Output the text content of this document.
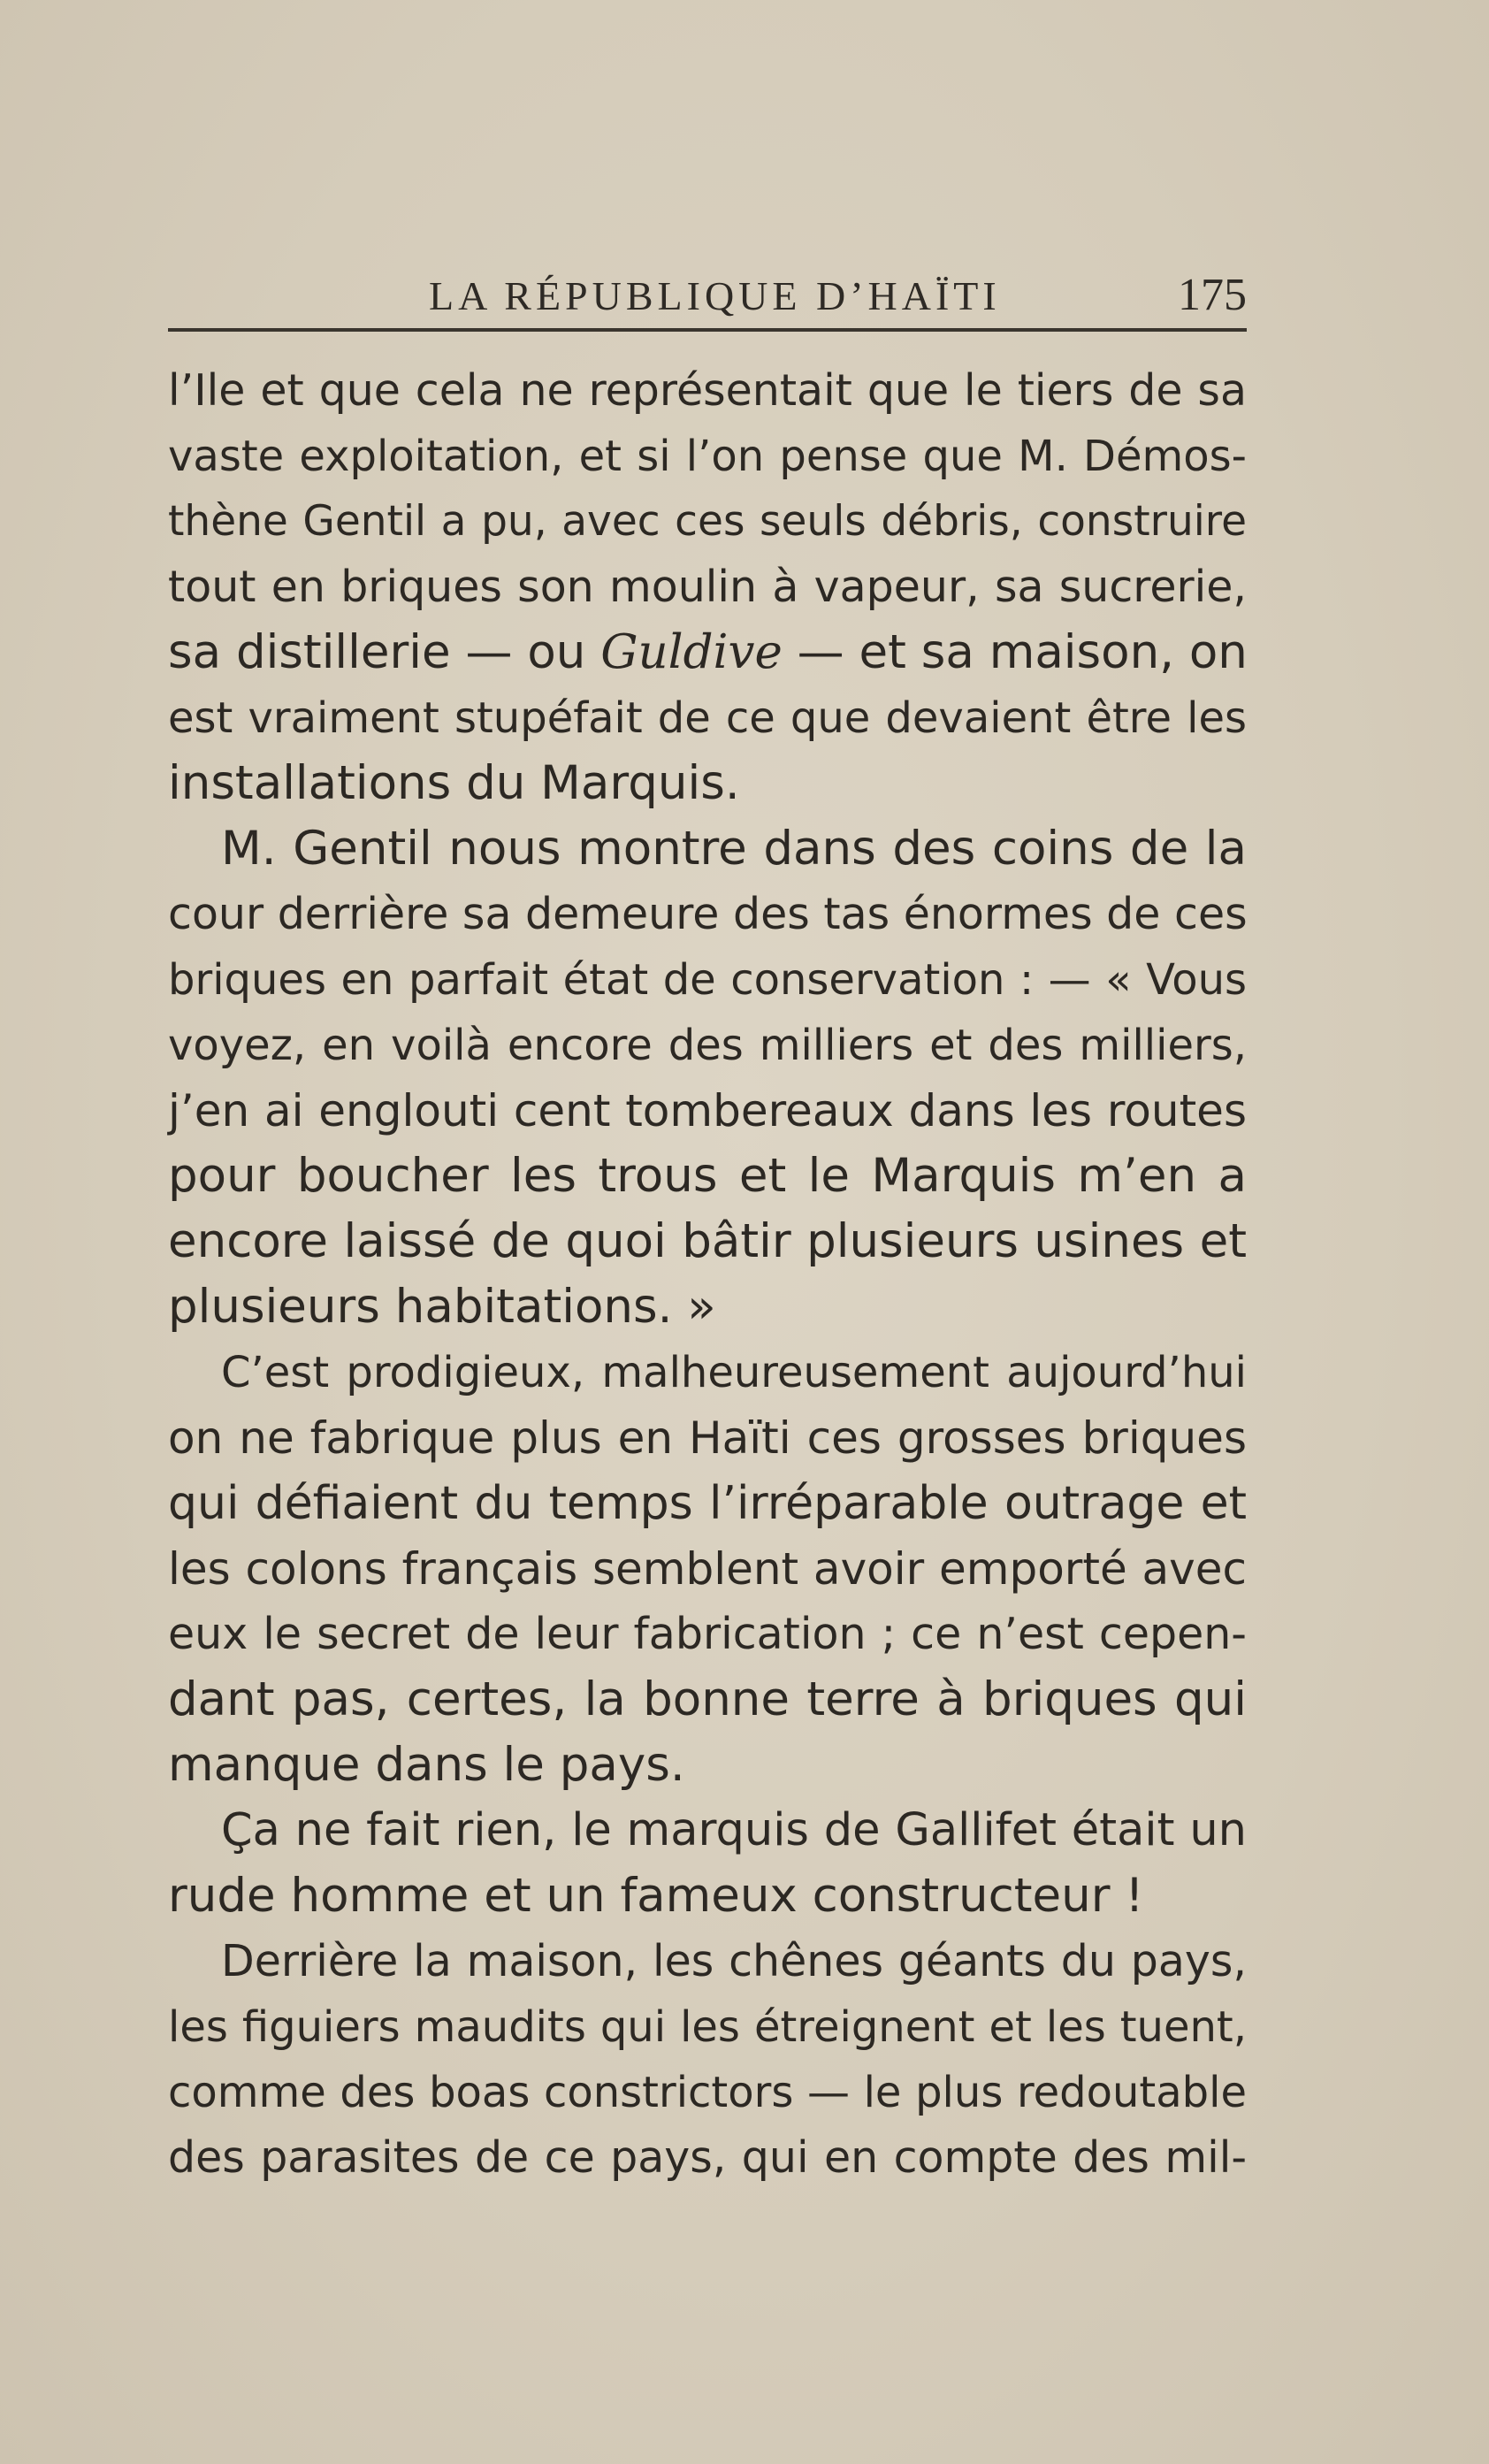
LA RÉPUBLIQUE D’HAÏTI	175
l’Ile et que cela ne représentait que le tiers de sa
vaste exploitation, et si l’on pense que M. Démos-
thène Gentil a pu, avec ces seuls débris, construire
tout en briques son moulin à vapeur, sa sucrerie,
sa distillerie — ou Guldive — et sa maison, on
est vraiment stupéfait de ce que devaient être les
installations du Marquis.
M. Gentil nous montre dans des coins de la
cour derrière sa demeure des tas énormes de ces
briques en parfait état de conservation : — « Vous
voyez, en voilà encore des milliers et des milliers,
j’en ai englouti cent tombereaux dans les routes
pour boucher les trous et le Marquis m’en a
encore laissé de quoi bâtir plusieurs usines et
plusieurs habitations. »
C’est prodigieux, malheureusement aujourd’hui
on ne fabrique plus en Haïti ces grosses briques
qui défiaient du temps l’irréparable outrage et
les colons français semblent avoir emporté avec
eux le secret de leur fabrication ; ce n’est cepen-
dant pas, certes, la bonne terre à briques qui
manque dans le pays.
Ça ne fait rien, le marquis de Gallifet était un
rude homme et un fameux constructeur !
Derrière la maison, les chênes géants du pays,
les figuiers maudits qui les étreignent et les tuent,
comme des boas constrictors — le plus redoutable
des parasites de ce pays, qui en compte des mil-
